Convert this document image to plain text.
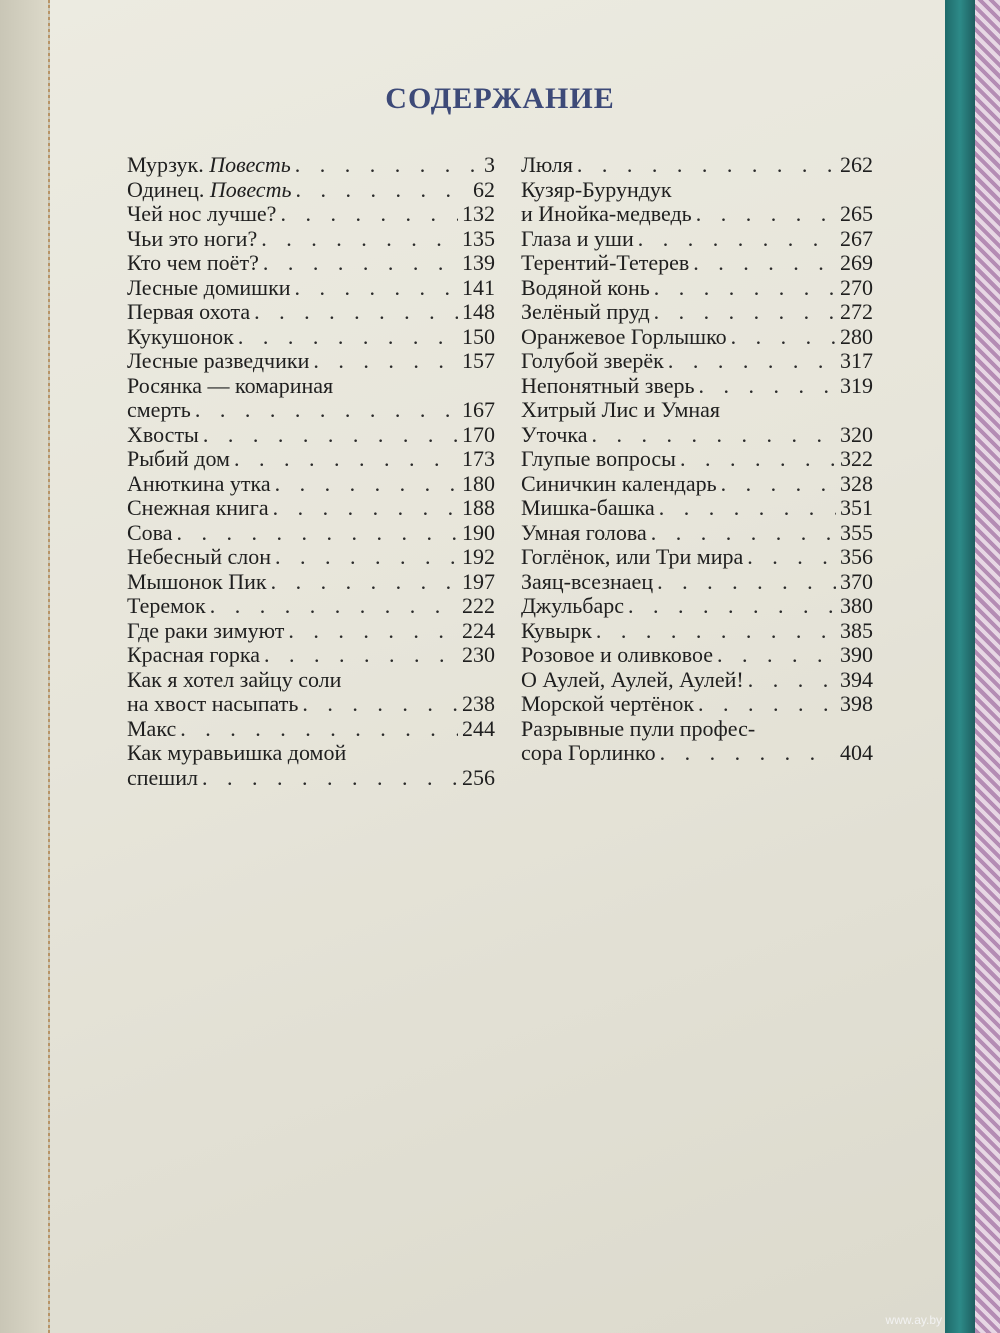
СОДЕРЖАНИЕ
Мурзук. Повесть . . .	3
Одинец. Повесть . . .	62
Чей нос лучше? . . .	132
Чьи это ноги? . . .	135
Кто чем поёт? . . .	139
Лесные домишки . . .	141
Первая охота . . .	148
Кукушонок . . .	150
Лесные разведчики . . .	157
Росянка — комариная
смерть . . .	167
Хвосты . . .	170
Рыбий дом . . .	173
Анюткина утка . . .	180
Снежная книга . . .	188
Сова . . .	190
Небесный слон . . .	192
Мышонок Пик . . .	197
Теремок . . .	222
Где раки зимуют . . .	224
Красная горка . . .	230
Как я хотел зайцу соли
на хвост насыпать . . .	238
Макс . . .	244
Как муравьишка домой
спешил . . .	256
Люля . . .	262
Кузяр-Бурундук
и Инойка-медведь . . .	265
Глаза и уши . . .	267
Терентий-Тетерев . . .	269
Водяной конь . . .	270
Зелёный пруд . . .	272
Оранжевое Горлышко . . .	280
Голубой зверёк . . .	317
Непонятный зверь . . .	319
Хитрый Лис и Умная
Уточка . . .	320
Глупые вопросы . . .	322
Синичкин календарь . . .	328
Мишка-башка . . .	351
Умная голова . . .	355
Гоглёнок, или Три мира . . .	356
Заяц-всезнаец . . .	370
Джульбарс . . .	380
Кувырк . . .	385
Розовое и оливковое . . .	390
О Аулей, Аулей, Аулей! . . .	394
Морской чертёнок . . .	398
Разрывные пули профес-
сора Горлинко . . .	404
www.ay.by
